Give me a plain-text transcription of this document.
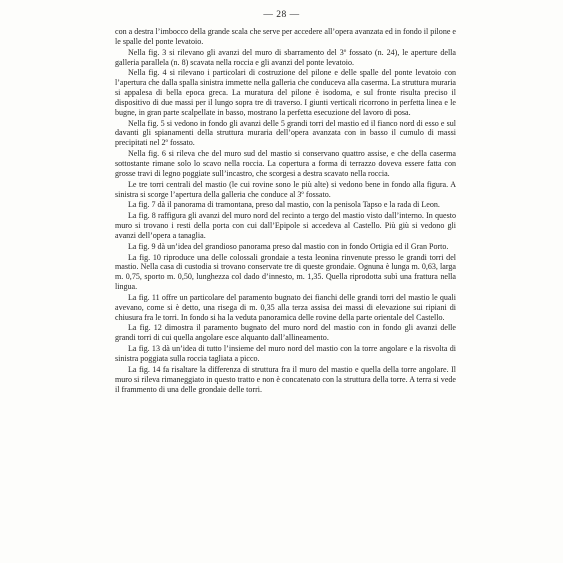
— 28 —

con a destra l’imbocco della grande scala che serve per accedere all’opera avanzata ed in fondo il pilone e le spalle del ponte levatoio.

Nella fig. 3 si rilevano gli avanzi del muro di sbarramento del 3º fossato (n. 24), le aperture della galleria parallela (n. 8) scavata nella roccia e gli avanzi del ponte levatoio.

Nella fig. 4 si rilevano i particolari di costruzione del pilone e delle spalle del ponte levatoio con l’apertura che dalla spalla sinistra immette nella galleria che conduceva alla caserma. La struttura muraria si appalesa di bella epoca greca. La muratura del pilone è isodoma, e sul fronte risulta preciso il dispositivo di due massi per il lungo sopra tre di traverso. I giunti verticali ricorrono in perfetta linea e le bugne, in gran parte scalpellate in basso, mostrano la perfetta esecuzione del lavoro di posa.

Nella fig. 5 si vedono in fondo gli avanzi delle 5 grandi torri del mastio ed il fianco nord di esso e sul davanti gli spianamenti della struttura muraria dell’opera avanzata con in basso il cumulo di massi precipitati nel 2º fossato.

Nella fig. 6 si rileva che del muro sud del mastio si conservano quattro assise, e che della caserma sottostante rimane solo lo scavo nella roccia. La copertura a forma di terrazzo doveva essere fatta con grosse travi di legno poggiate sull’incastro, che scorgesi a destra scavato nella roccia.

Le tre torri centrali del mastio (le cui rovine sono le più alte) si vedono bene in fondo alla figura. A sinistra si scorge l’apertura della galleria che conduce al 3º fossato.

La fig. 7 dà il panorama di tramontana, preso dal mastio, con la penisola Tapso e la rada di Leon.

La fig. 8 raffigura gli avanzi del muro nord del recinto a tergo del mastio visto dall’interno. In questo muro si trovano i resti della porta con cui dall’Epipole si accedeva al Castello. Più giù si vedono gli avanzi dell’opera a tanaglia.

La fig. 9 dà un’idea del grandioso panorama preso dal mastio con in fondo Ortigia ed il Gran Porto.

La fig. 10 riproduce una delle colossali grondaie a testa leonina rinvenute presso le grandi torri del mastio. Nella casa di custodia si trovano conservate tre di queste grondaie. Ognuna è lunga m. 0,63, larga m. 0,75, sporto m. 0,50, lunghezza col dado d’innesto, m. 1,35. Quella riprodotta subì una frattura nella lingua.

La fig. 11 offre un particolare del paramento bugnato dei fianchi delle grandi torri del mastio le quali avevano, come si è detto, una risega di m. 0,35 alla terza assisa dei massi di elevazione sui ripiani di chiusura fra le torri. In fondo si ha la veduta panoramica delle rovine della parte orientale del Castello.

La fig. 12 dimostra il paramento bugnato del muro nord del mastio con in fondo gli avanzi delle grandi torri di cui quella angolare esce alquanto dall’allineamento.

La fig. 13 dà un’idea di tutto l’insieme del muro nord del mastio con la torre angolare e la risvolta di sinistra poggiata sulla roccia tagliata a picco.

La fig. 14 fa risaltare la differenza di struttura fra il muro del mastio e quella della torre angolare. Il muro si rileva rimaneggiato in questo tratto e non è concatenato con la struttura della torre. A terra si vede il frammento di una delle grondaie delle torri.
